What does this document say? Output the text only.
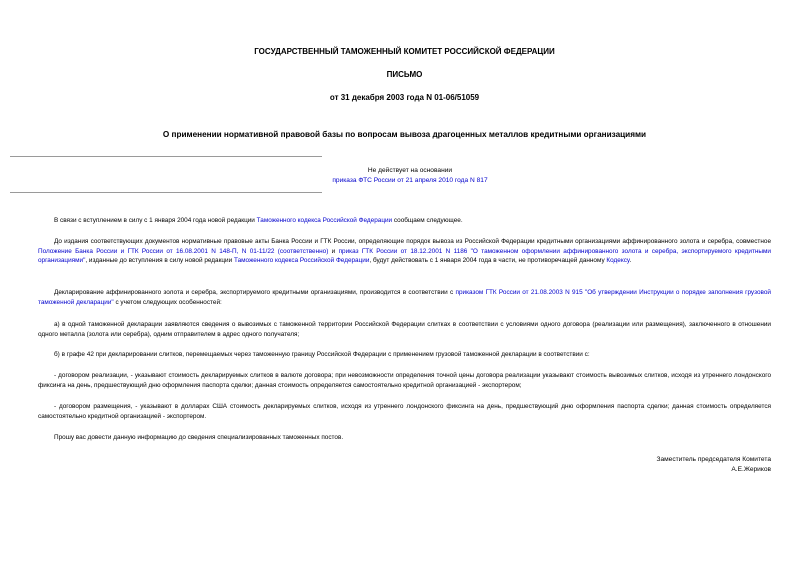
ГОСУДАРСТВЕННЫЙ ТАМОЖЕННЫЙ КОМИТЕТ РОССИЙСКОЙ ФЕДЕРАЦИИ
ПИСЬМО
от 31 декабря 2003 года N 01-06/51059
О применении нормативной правовой базы по вопросам вывоза драгоценных металлов кредитными организациями
Не действует на основании
приказа ФТС России от 21 апреля 2010 года N 817
В связи с вступлением в силу с 1 января 2004 года новой редакции Таможенного кодекса Российской Федерации сообщаем следующее.
До издания соответствующих документов нормативные правовые акты Банка России и ГТК России, определяющие порядок вывоза из Российской Федерации кредитными организациями аффинированного золота и серебра, совместное Положение Банка России и ГТК России от 16.08.2001 N 148-П, N 01-11/22 (соответственно) и приказ ГТК России от 18.12.2001 N 1186 "О таможенном оформлении аффинированного золота и серебра, экспортируемого кредитными организациями", изданные до вступления в силу новой редакции Таможенного кодекса Российской Федерации, будут действовать с 1 января 2004 года в части, не противоречащей данному Кодексу.
Декларирование аффинированного золота и серебра, экспортируемого кредитными организациями, производится в соответствии с приказом ГТК России от 21.08.2003 N 915 "Об утверждении Инструкции о порядке заполнения грузовой таможенной декларации" с учетом следующих особенностей:
а) в одной таможенной декларации заявляются сведения о вывозимых с таможенной территории Российской Федерации слитках в соответствии с условиями одного договора (реализации или размещения), заключенного в отношении одного металла (золота или серебра), одним отправителем в адрес одного получателя;
б) в графе 42 при декларировании слитков, перемещаемых через таможенную границу Российской Федерации с применением грузовой таможенной декларации в соответствии с:
- договором реализации, - указывают стоимость декларируемых слитков в валюте договора; при невозможности определения точной цены договора реализации указывают стоимость вывозимых слитков, исходя из утреннего лондонского фиксинга на день, предшествующий дню оформления паспорта сделки; данная стоимость определяется самостоятельно кредитной организацией - экспортером;
- договором размещения, - указывают в долларах США стоимость декларируемых слитков, исходя из утреннего лондонского фиксинга на день, предшествующий дню оформления паспорта сделки; данная стоимость определяется самостоятельно кредитной организацией - экспортером.
Прошу вас довести данную информацию до сведения специализированных таможенных постов.
Заместитель председателя Комитета
А.Е.Жериков
